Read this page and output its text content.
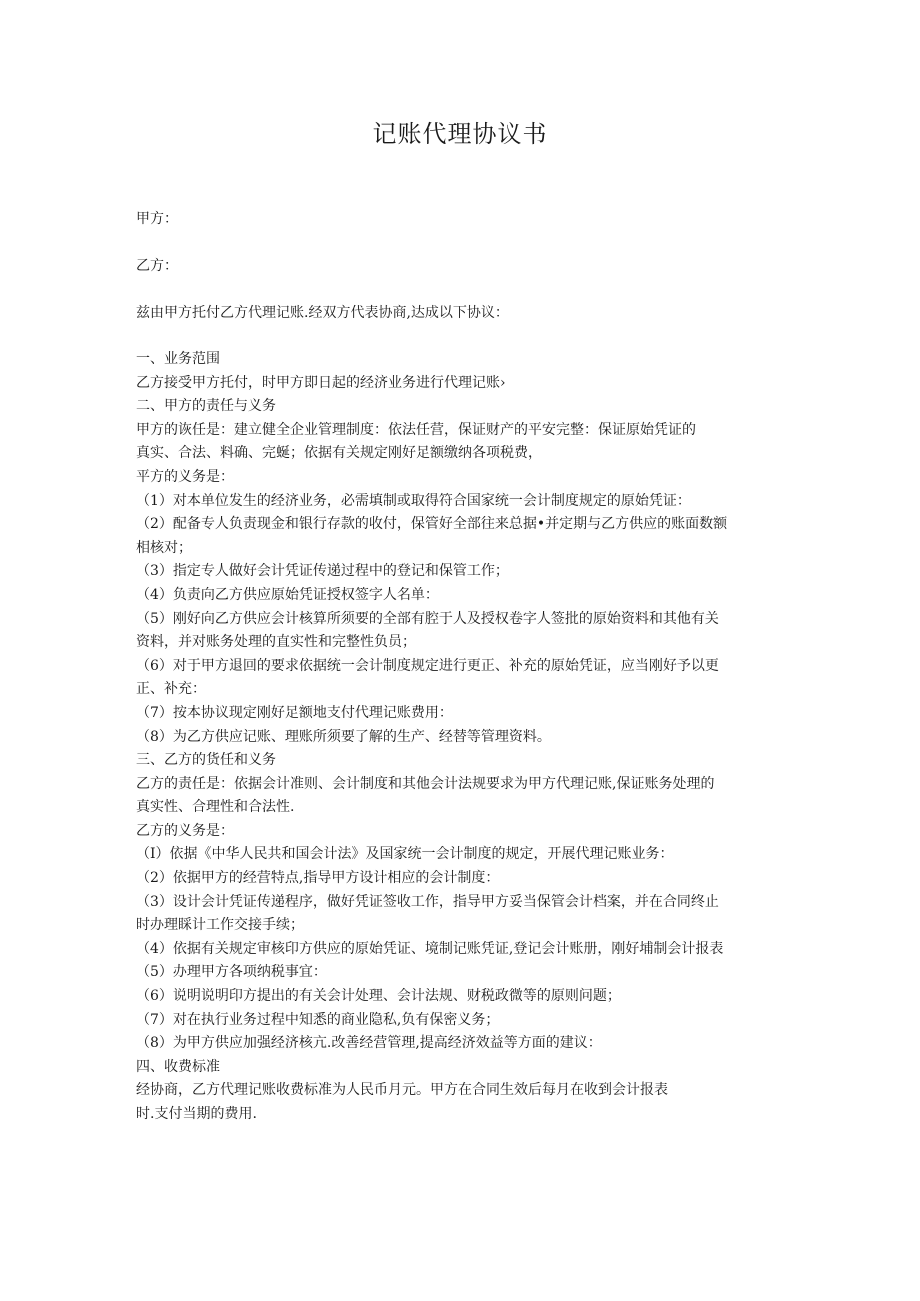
记账代理协议书
甲方：
乙方：
兹由甲方托付乙方代理记账.经双方代表协商,达成以下协议：
一、业务范围
乙方接受甲方托付，时甲方即日起的经济业务进行代理记账›
二、甲方的责任与义务
甲方的诙任是：建立健全企业管理制度：依法任营，保证财产的平安完整：保证原始凭证的
真实、合法、料确、完蜒；依据有关规定刚好足额缴纳各项税费，
平方的义务是：
（1）对本单位发生的经济业务，必需填制或取得符合国家统一会计制度规定的原始凭证：
（2）配备专人负责现金和银行存款的收付，保管好全部往来总据•并定期与乙方供应的账面数额
相核对；
（3）指定专人做好会计凭证传递过程中的登记和保管工作；
（4）负责向乙方供应原始凭证授权签字人名单：
（5）刚好向乙方供应会计核算所须要的全部有腔于人及授权卷字人签批的原始资料和其他有关
资料，并对账务处理的直实性和完整性负员；
（6）对于甲方退回的要求依据统一会计制度规定进行更正、补充的原始凭证，应当刚好予以更
正、补充：
（7）按本协议现定刚好足额地支付代理记账费用：
（8）为乙方供应记账、理账所须要了解的生产、经替等管理资料。
三、乙方的货任和义务
乙方的责任是：依据会计准则、会计制度和其他会计法规要求为甲方代理记账,保证账务处理的
真实性、合理性和合法性.
乙方的义务是：
（I）依据《中华人民共和国会计法》及国家统一会计制度的规定，开展代理记账业务：
（2）依据甲方的经营特点,指导甲方设计相应的会计制度：
（3）设计会计凭证传递程序，做好凭证签收工作，指导甲方妥当保管会计档案，并在合同终止
时办理睬计工作交接手续；
（4）依据有关规定审核印方供应的原始凭证、境制记账凭证,登记会计账册，刚好埔制会计报表
（5）办理甲方各项纳税事宜：
（6）说明说明印方提出的有关会计处理、会计法规、财税政微等的原则问题；
（7）对在执行业务过程中知悉的商业隐私,负有保密义务；
（8）为甲方供应加强经济核亢.改善经营管理,提高经济效益等方面的建议：
四、收费标准
经协商，乙方代理记账收费标准为人民币月元。甲方在合同生效后每月在收到会计报表
时.支付当期的费用.
